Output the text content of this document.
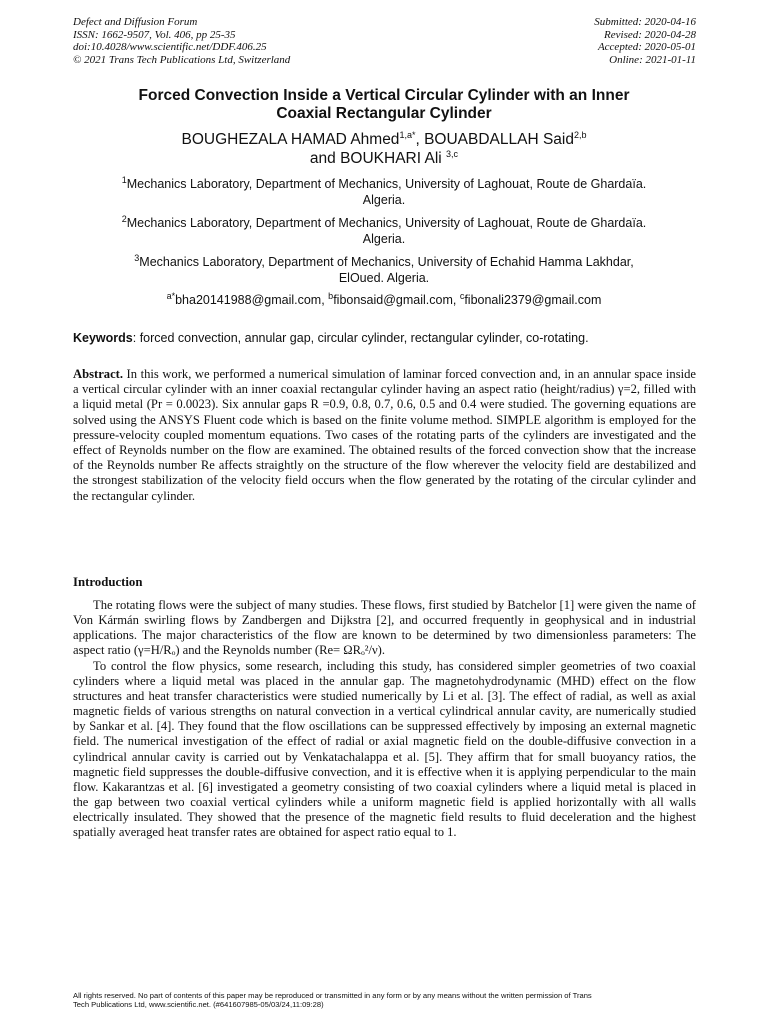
Defect and Diffusion Forum
ISSN: 1662-9507, Vol. 406, pp 25-35
doi:10.4028/www.scientific.net/DDF.406.25
© 2021 Trans Tech Publications Ltd, Switzerland
Submitted: 2020-04-16
Revised: 2020-04-28
Accepted: 2020-05-01
Online: 2021-01-11
Forced Convection Inside a Vertical Circular Cylinder with an Inner
Coaxial Rectangular Cylinder
BOUGHEZALA HAMAD Ahmed$^{1,a*}$, BOUABDALLAH Said$^{2,b}$
and BOUKHARI Ali $^{3,c}$
$^1$Mechanics Laboratory, Department of Mechanics, University of Laghouat, Route de Ghardaïa.
Algeria.
$^2$Mechanics Laboratory, Department of Mechanics, University of Laghouat, Route de Ghardaïa.
Algeria.
$^3$Mechanics Laboratory, Department of Mechanics, University of Echahid Hamma Lakhdar,
ElOued. Algeria.
$^{a*}$bha20141988@gmail.com, $^b$fibonsaid@gmail.com, $^c$fibonali2379@gmail.com
Keywords: forced convection, annular gap, circular cylinder, rectangular cylinder, co-rotating.
Abstract. In this work, we performed a numerical simulation of laminar forced convection and, in an annular space inside a vertical circular cylinder with an inner coaxial rectangular cylinder having an aspect ratio (height/radius) γ=2, filled with a liquid metal (Pr = 0.0023). Six annular gaps R =0.9, 0.8, 0.7, 0.6, 0.5 and 0.4 were studied. The governing equations are solved using the ANSYS Fluent code which is based on the finite volume method. SIMPLE algorithm is employed for the pressure-velocity coupled momentum equations. Two cases of the rotating parts of the cylinders are investigated and the effect of Reynolds number on the flow are examined. The obtained results of the forced convection show that the increase of the Reynolds number Re affects straightly on the structure of the flow wherever the velocity field are destabilized and the strongest stabilization of the velocity field occurs when the flow generated by the rotating of the circular cylinder and the rectangular cylinder.
Introduction

The rotating flows were the subject of many studies. These flows, first studied by Batchelor [1] were given the name of Von Kármán swirling flows by Zandbergen and Dijkstra [2], and occurred frequently in geophysical and in industrial applications. The major characteristics of the flow are known to be determined by two dimensionless parameters: The aspect ratio (γ=H/Rₒ) and the Reynolds number (Re= ΩRₒ²/ν).

To control the flow physics, some research, including this study, has considered simpler geometries of two coaxial cylinders where a liquid metal was placed in the annular gap. The magnetohydrodynamic (MHD) effect on the flow structures and heat transfer characteristics were studied numerically by Li et al. [3]. The effect of radial, as well as axial magnetic fields of various strengths on natural convection in a vertical cylindrical annular cavity, are numerically studied by Sankar et al. [4]. They found that the flow oscillations can be suppressed effectively by imposing an external magnetic field. The numerical investigation of the effect of radial or axial magnetic field on the double-diffusive convection in a cylindrical annular cavity is carried out by Venkatachalappa et al. [5]. They affirm that for small buoyancy ratios, the magnetic field suppresses the double-diffusive convection, and it is effective when it is applying perpendicular to the main flow. Kakarantzas et al. [6] investigated a geometry consisting of two coaxial cylinders where a liquid metal is placed in the gap between two coaxial vertical cylinders while a uniform magnetic field is applied horizontally with all walls electrically insulated. They showed that the presence of the magnetic field results to fluid deceleration and the highest spatially averaged heat transfer rates are obtained for aspect ratio equal to 1.

All rights reserved. No part of contents of this paper may be reproduced or transmitted in any form or by any means without the written permission of Trans
Tech Publications Ltd, www.scientific.net. (#641607985-05/03/24,11:09:28)
